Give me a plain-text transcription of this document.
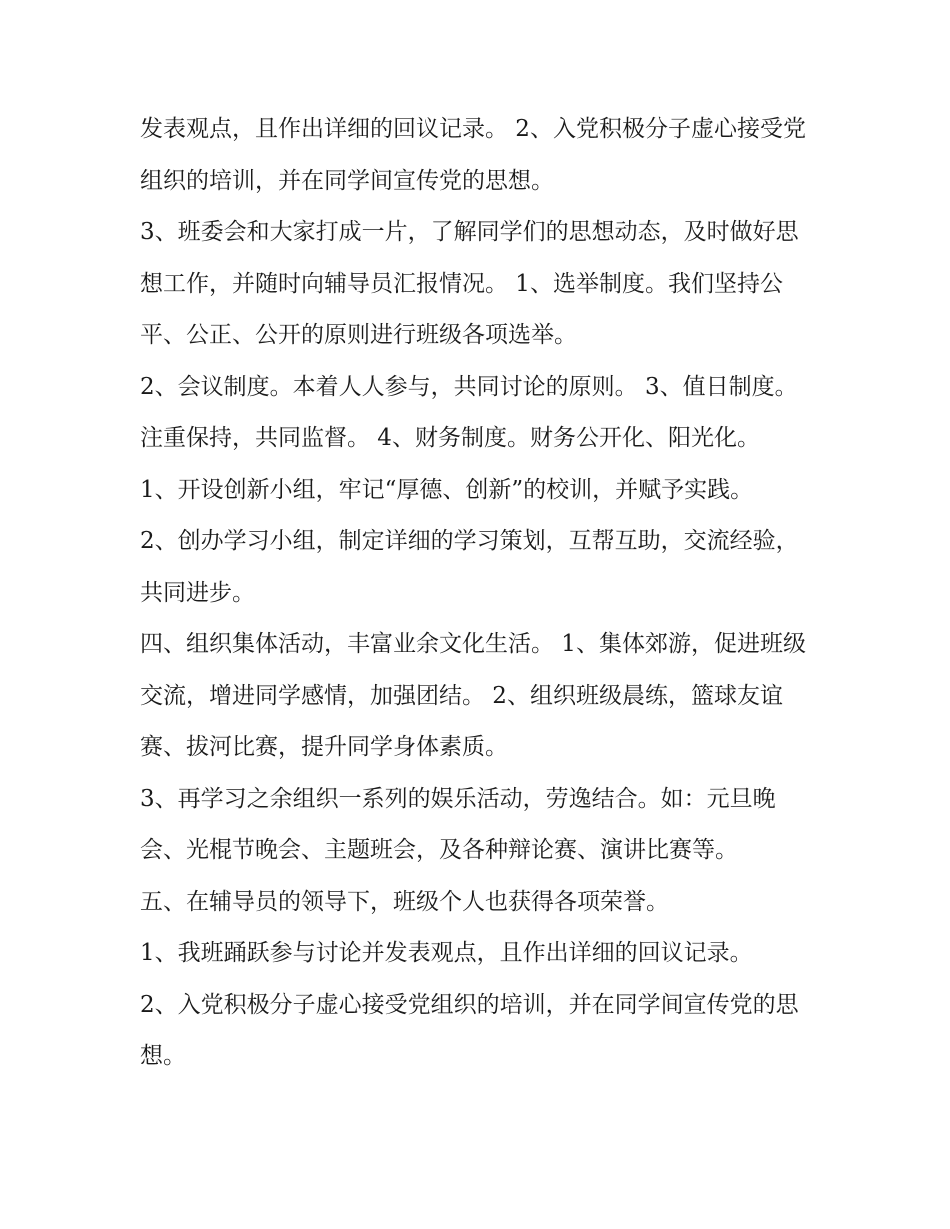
发表观点，且作出详细的回议记录。 2、入党积极分子虚心接受党组织的培训，并在同学间宣传党的思想。

3、班委会和大家打成一片，了解同学们的思想动态，及时做好思想工作，并随时向辅导员汇报情况。 1、选举制度。我们坚持公平、公正、公开的原则进行班级各项选举。

2、会议制度。本着人人参与，共同讨论的原则。 3、值日制度。注重保持，共同监督。 4、财务制度。财务公开化、阳光化。

1、开设创新小组，牢记“厚德、创新”的校训，并赋予实践。

2、创办学习小组，制定详细的学习策划，互帮互助，交流经验，共同进步。

四、组织集体活动，丰富业余文化生活。 1、集体郊游，促进班级交流，增进同学感情，加强团结。 2、组织班级晨练，篮球友谊赛、拔河比赛，提升同学身体素质。

3、再学习之余组织一系列的娱乐活动，劳逸结合。如：元旦晚会、光棍节晚会、主题班会，及各种辩论赛、演讲比赛等。

五、在辅导员的领导下，班级个人也获得各项荣誉。

1、我班踊跃参与讨论并发表观点，且作出详细的回议记录。

2、入党积极分子虚心接受党组织的培训，并在同学间宣传党的思想。
